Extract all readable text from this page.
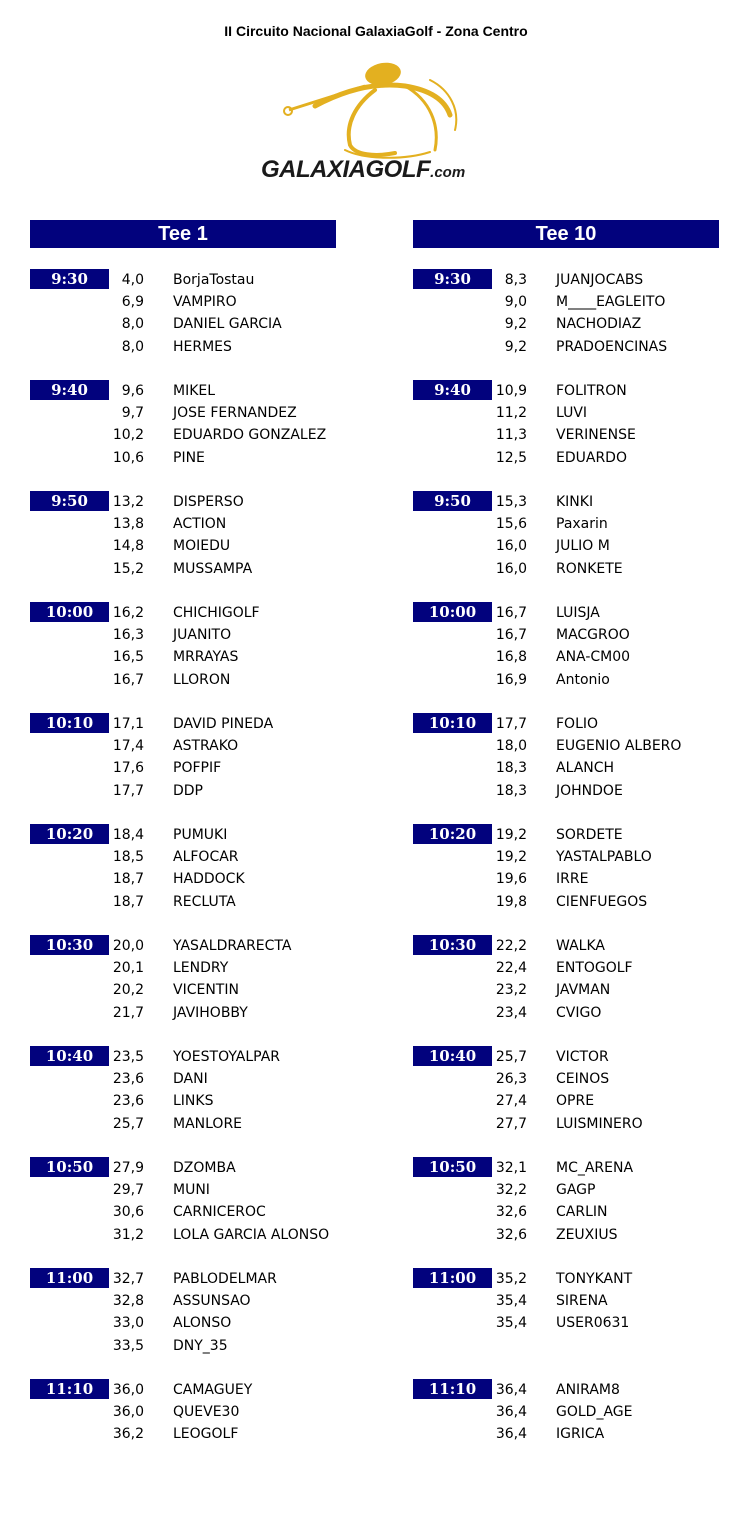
II Circuito Nacional GalaxiaGolf - Zona Centro
GALAXIAGOLF.com
Tee 1
4,0 BorjaTostau
6,9 VAMPIRO
8,0 DANIEL GARCIA
8,0 HERMES
9:30
9,6 MIKEL
9,7 JOSE FERNANDEZ
10,2 EDUARDO GONZALEZ
10,6 PINE
9:40
13,2 DISPERSO
13,8 ACTION
14,8 MOIEDU
15,2 MUSSAMPA
9:50
16,2 CHICHIGOLF
16,3 JUANITO
16,5 MRRAYAS
16,7 LLORON
10:00
17,1 DAVID PINEDA
17,4 ASTRAKO
17,6 POFPIF
17,7 DDP
10:10
18,4 PUMUKI
18,5 ALFOCAR
18,7 HADDOCK
18,7 RECLUTA
10:20
20,0 YASALDRARECTA
20,1 LENDRY
20,2 VICENTIN
21,7 JAVIHOBBY
10:30
23,5 YOESTOYALPAR
23,6 DANI
23,6 LINKS
25,7 MANLORE
10:40
27,9 DZOMBA
29,7 MUNI
30,6 CARNICEROC
31,2 LOLA GARCIA ALONSO
10:50
32,7 PABLODELMAR
32,8 ASSUNSAO
33,0 ALONSO
33,5 DNY_35
11:00
36,0 CAMAGUEY
36,0 QUEVE30
36,2 LEOGOLF
11:10
Tee 10
8,3 JUANJOCABS
9,0 M____EAGLEITO
9,2 NACHODIAZ
9,2 PRADOENCINAS
9:30
10,9 FOLITRON
11,2 LUVI
11,3 VERINENSE
12,5 EDUARDO
9:40
15,3 KINKI
15,6 Paxarin
16,0 JULIO M
16,0 RONKETE
9:50
16,7 LUISJA
16,7 MACGROO
16,8 ANA-CM00
16,9 Antonio
10:00
17,7 FOLIO
18,0 EUGENIO ALBERO
18,3 ALANCH
18,3 JOHNDOE
10:10
19,2 SORDETE
19,2 YASTALPABLO
19,6 IRRE
19,8 CIENFUEGOS
10:20
22,2 WALKA
22,4 ENTOGOLF
23,2 JAVMAN
23,4 CVIGO
10:30
25,7 VICTOR
26,3 CEINOS
27,4 OPRE
27,7 LUISMINERO
10:40
32,1 MC_ARENA
32,2 GAGP
32,6 CARLIN
32,6 ZEUXIUS
10:50
35,2 TONYKANT
35,4 SIRENA
35,4 USER0631
11:00
36,4 ANIRAM8
36,4 GOLD_AGE
36,4 IGRICA
11:10
